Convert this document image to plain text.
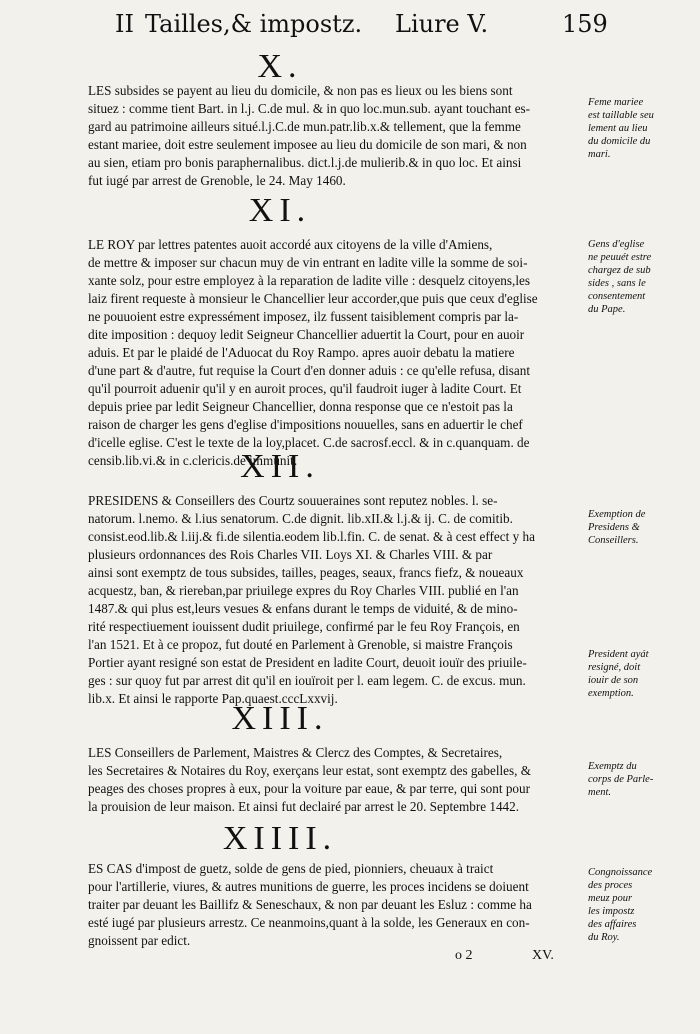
II Tailles,& impostz. Liure V.	159
X.
LES subsides se payent au lieu du domicile, & non pas es lieux ou les biens sont
situez : comme tient Bart. in l.j. C.de mul. & in quo loc.mun.sub. ayant touchant es-
gard au patrimoine ailleurs situé.l.j.C.de mun.patr.lib.x.& tellement, que la femme
estant mariee, doit estre seulement imposee au lieu du domicile de son mari, & non
au sien, etiam pro bonis paraphernalibus. dict.l.j.de mulierib.& in quo loc. Et ainsi
fut iugé par arrest de Grenoble, le 24. May 1460.
Feme mariee
est taillable seu
lement au lieu
du domicile du
mari.
XI.
LE ROY par lettres patentes auoit accordé aux citoyens de la ville d'Amiens,
de mettre & imposer sur chacun muy de vin entrant en ladite ville la somme de soi-
xante solz, pour estre employez à la reparation de ladite ville : desquelz citoyens,les
laiz firent requeste à monsieur le Chancellier leur accorder,que puis que ceux d'eglise
ne pouuoient estre expressément imposez, ilz fussent taisiblement compris par la-
dite imposition : dequoy ledit Seigneur Chancellier aduertit la Court, pour en auoir
aduis. Et par le plaidé de l'Aduocat du Roy Rampo. apres auoir debatu la matiere
d'une part & d'autre, fut requise la Court d'en donner aduis : ce qu'elle refusa, disant
qu'il pourroit aduenir qu'il y en auroit proces, qu'il faudroit iuger à ladite Court. Et
depuis priee par ledit Seigneur Chancellier, donna response que ce n'estoit pas la
raison de charger les gens d'eglise d'impositions nouuelles, sans en aduertir le chef
d'icelle eglise. C'est le texte de la loy,placet. C.de sacrosf.eccl. & in c.quanquam. de
censib.lib.vi.& in c.clericis.de immunit.
Gens d'eglise
ne peuuét estre
chargez de sub
sides , sans le
consentement
du Pape.
XII.
PRESIDENS & Conseillers des Courtz souueraines sont reputez nobles. l. se-
natorum. l.nemo. & l.ius senatorum. C.de dignit. lib.xII.& l.j.& ij. C. de comitib.
consist.eod.lib.& l.iij.& fi.de silentia.eodem lib.l.fin. C. de senat. & à cest effect y ha
plusieurs ordonnances des Rois Charles VII. Loys XI. & Charles VIII. & par
ainsi sont exemptz de tous subsides, tailles, peages, seaux, francs fiefz, & noueaux
acquestz, ban, & riereban,par priuilege expres du Roy Charles VIII. publié en l'an
1487.& qui plus est,leurs vesues & enfans durant le temps de viduité, & de mino-
rité respectiuement iouissent dudit priuilege, confirmé par le feu Roy François, en
l'an 1521. Et à ce propoz, fut douté en Parlement à Grenoble, si maistre François
Portier ayant resigné son estat de President en ladite Court, deuoit iouïr des priuile-
ges : sur quoy fut par arrest dit qu'il en iouïroit per l. eam legem. C. de excus. mun.
lib.x. Et ainsi le rapporte Pap.quaest.cccLxxvij.
Exemption de
Presidens &
Conseillers.
President ayát
resigné, doit
iouir de son
exemption.
XIII.
LES Conseillers de Parlement, Maistres & Clercz des Comptes, & Secretaires,
les Secretaires & Notaires du Roy, exerçans leur estat, sont exemptz des gabelles, &
peages des choses propres à eux, pour la voiture par eaue, & par terre, qui sont pour
la prouision de leur maison. Et ainsi fut declairé par arrest le 20. Septembre 1442.
Exemptz du
corps de Parle-
ment.
XIIII.
ES CAS d'impost de guetz, solde de gens de pied, pionniers, cheuaux à traict
pour l'artillerie, viures, & autres munitions de guerre, les proces incidens se doiuent
traiter par deuant les Baillifz & Seneschaux, & non par deuant les Esluz : comme ha
esté iugé par plusieurs arrestz. Ce neanmoins,quant à la solde, les Generaux en con-
gnoissent par edict.
Congnoissance
des proces
meuz pour
les impostz
des affaires
du Roy.
o 2	XV.
